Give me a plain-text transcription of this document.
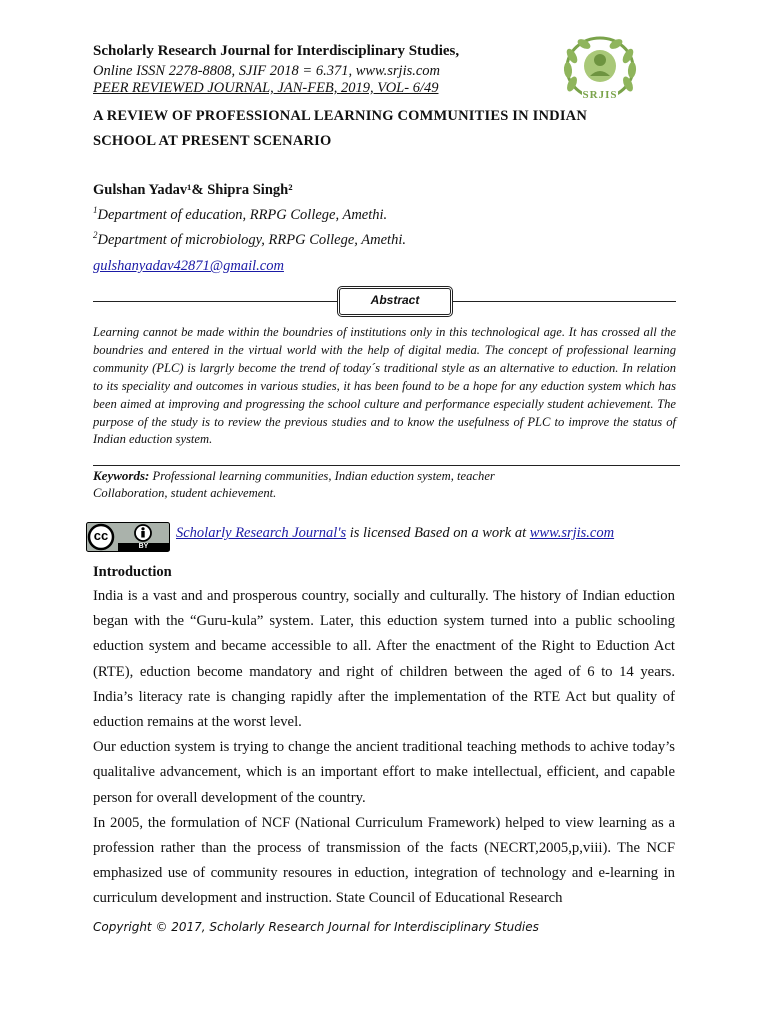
Scholarly Research Journal for Interdisciplinary Studies,
Online ISSN 2278-8808, SJIF 2018 = 6.371, www.srjis.com
PEER REVIEWED JOURNAL, JAN-FEB, 2019, VOL- 6/49	SRJIS
A REVIEW OF PROFESSIONAL LEARNING COMMUNITIES IN INDIAN
SCHOOL AT PRESENT SCENARIO
Gulshan Yadav¹& Shipra Singh²
$^1$Department of education, RRPG College, Amethi.
$^2$Department of microbiology, RRPG College, Amethi.
gulshanyadav42871@gmail.com
Abstract
Learning cannot be made within the boundries of institutions only in this technological age. It has crossed all the boundries and entered in the virtual world with the help of digital media. The concept of professional learning community (PLC) is largrly become the trend of today´s traditional style as an alternative to eduction. In relation to its speciality and outcomes in various studies, it has been found to be a hope for any eduction system which has been aimed at improving and progressing the school culture and performance especially student achievement. The purpose of the study is to review the previous studies and to know the usefulness of PLC to improve the status of Indian eduction system.
Keywords: Professional learning communities, Indian eduction system, teacher
Collaboration, student achievement.
cc
BY
Scholarly Research Journal's is licensed Based on a work at www.srjis.com
Introduction

India is a vast and and prosperous country, socially and culturally. The history of Indian eduction began with the “Guru-kula” system. Later, this eduction system turned into a public schooling eduction system and became accessible to all. After the enactment of the Right to Eduction Act (RTE), eduction become mandatory and right of children between the aged of 6 to 14 years. India’s literacy rate is changing rapidly after the implementation of the RTE Act but quality of eduction remains at the worst level.

Our eduction system is trying to change the ancient traditional teaching methods to achive today’s qualitalive advancement, which is an important effort to make intellectual, efficient, and capable person for overall development of the country.

In 2005, the formulation of NCF (National Curriculum Framework) helped to view learning as a profession rather than the process of transmission of the facts (NECRT,2005,p,viii). The NCF emphasized use of community resoures in eduction, integration of technology and e-learning in curriculum development and instruction. State Council of Educational Research

Copyright © 2017, Scholarly Research Journal for Interdisciplinary Studies
